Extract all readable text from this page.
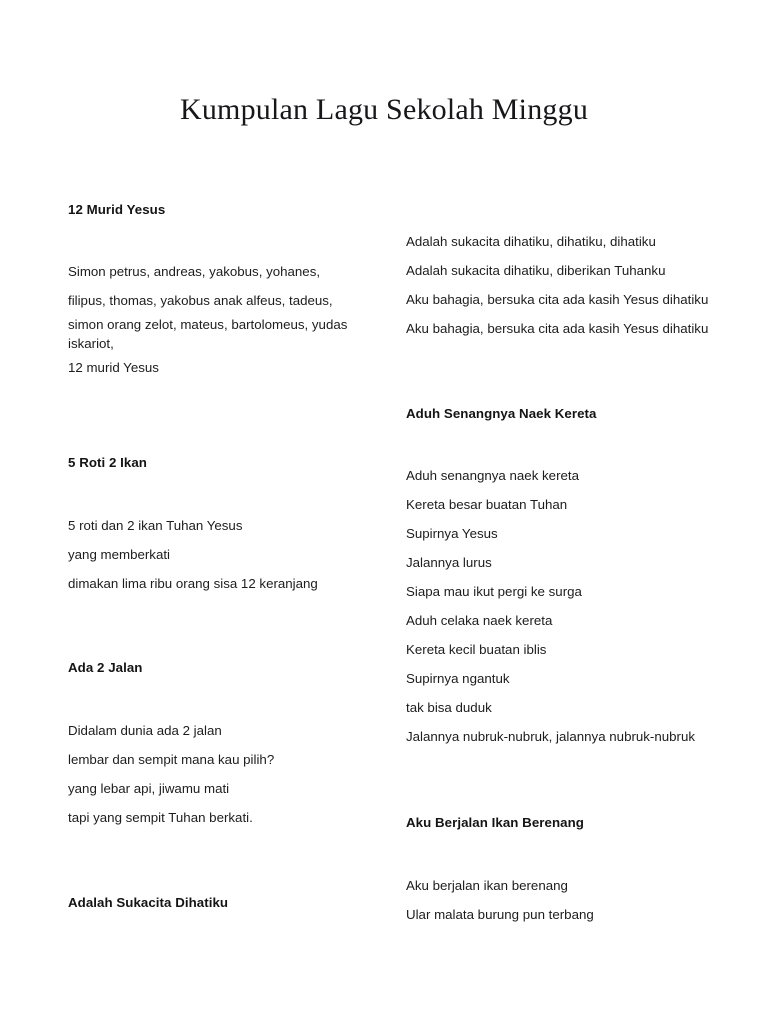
Kumpulan Lagu Sekolah Minggu
12 Murid Yesus
Simon petrus, andreas, yakobus, yohanes,
filipus, thomas, yakobus anak alfeus, tadeus,
simon orang zelot, mateus, bartolomeus, yudas iskariot,
12 murid Yesus
5 Roti 2 Ikan
5 roti dan 2 ikan Tuhan Yesus
yang memberkati
dimakan lima ribu orang sisa 12 keranjang
Ada 2 Jalan
Didalam dunia ada 2 jalan
lembar dan sempit mana kau pilih?
yang lebar api, jiwamu mati
tapi yang sempit Tuhan berkati.
Adalah Sukacita Dihatiku
Adalah sukacita dihatiku, dihatiku, dihatiku
Adalah sukacita dihatiku, diberikan Tuhanku
Aku bahagia, bersuka cita ada kasih Yesus dihatiku
Aku bahagia, bersuka cita ada kasih Yesus dihatiku
Aduh Senangnya Naek Kereta
Aduh senangnya naek kereta
Kereta besar buatan Tuhan
Supirnya Yesus
Jalannya lurus
Siapa mau ikut pergi ke surga
Aduh celaka naek kereta
Kereta kecil buatan iblis
Supirnya ngantuk
tak bisa duduk
Jalannya nubruk-nubruk, jalannya nubruk-nubruk
Aku Berjalan Ikan Berenang
Aku berjalan ikan berenang
Ular malata burung pun terbang
